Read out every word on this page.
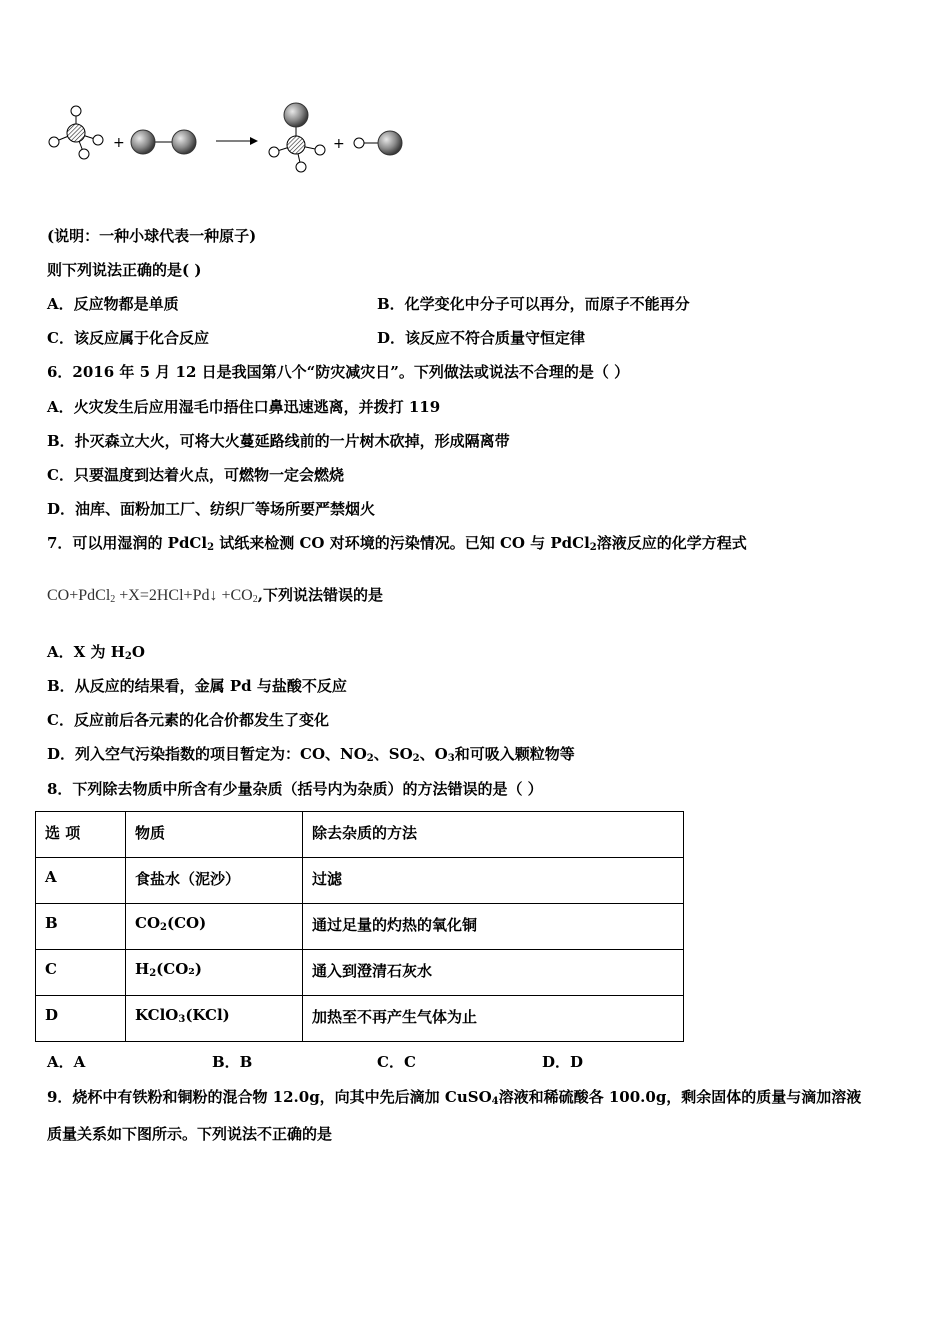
+	+
(说明：一种小球代表一种原子)
则下列说法正确的是( )
A．反应物都是单质	B．化学变化中分子可以再分，而原子不能再分
C．该反应属于化合反应	D．该反应不符合质量守恒定律
6．2016 年 5 月 12 日是我国第八个“防灾减灾日”。下列做法或说法不合理的是（ ）
A．火灾发生后应用湿毛巾捂住口鼻迅速逃离，并拨打 119
B．扑灭森立大火，可将大火蔓延路线前的一片树木砍掉，形成隔离带
C．只要温度到达着火点，可燃物一定会燃烧
D．油库、面粉加工厂、纺织厂等场所要严禁烟火
7．可以用湿润的 PdCl$_2$ 试纸来检测 CO 对环境的污染情况。已知 CO 与 PdCl$_2$溶液反应的化学方程式
CO+PdCl$_2$ +X=2HCl+Pd↓ $+CO_2$,下列说法错误的是
A．X 为 $H_2O$
B．从反应的结果看，金属 Pd 与盐酸不反应
C．反应前后各元素的化合价都发生了变化
D．列入空气污染指数的项目暂定为：CO、$NO_2$、$SO_2$、$O_3$和可吸入颗粒物等
8．下列除去物质中所含有少量杂质（括号内为杂质）的方法错误的是（ ）
选 项	物质	除去杂质的方法
A	食盐水（泥沙）	过滤
B	$CO_2(CO)$	通过足量的灼热的氧化铜
C	$H_2(CO_2)$	通入到澄清石灰水
D	KClO$_3$(KCl)	加热至不再产生气体为止
A．A	B．B	C．C	D．D
9．烧杯中有铁粉和铜粉的混合物 12.0g，向其中先后滴加 CuSO$_4$溶液和稀硫酸各 100.0g，剩余固体的质量与滴加溶液
质量关系如下图所示。下列说法不正确的是
